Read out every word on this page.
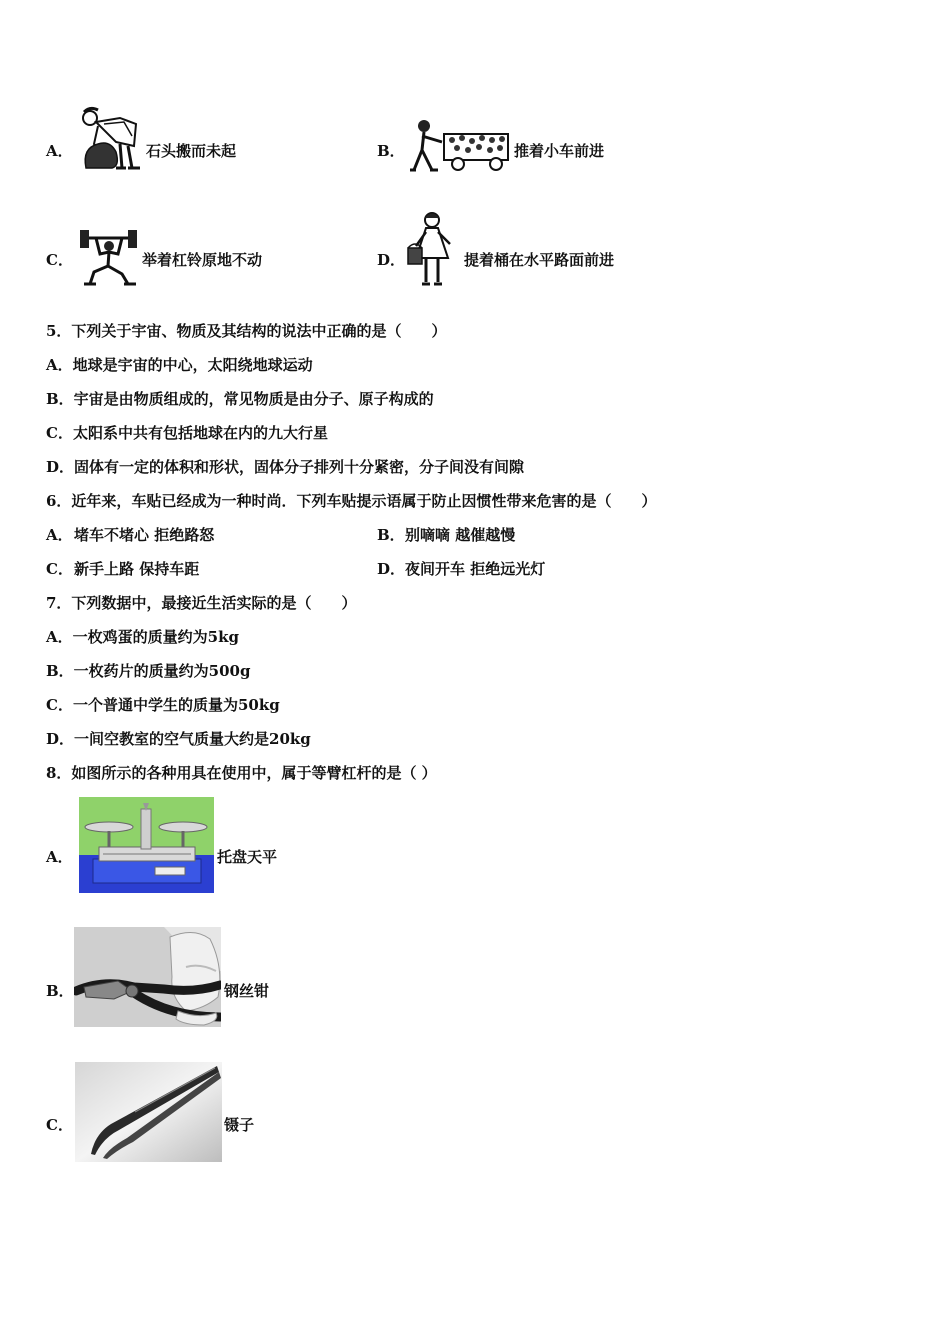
A．	石头搬而未起	B．	推着小车前进
C．	举着杠铃原地不动	D．	提着桶在水平路面前进
5．下列关于宇宙、物质及其结构的说法中正确的是（　　）
A．地球是宇宙的中心，太阳绕地球运动
B．宇宙是由物质组成的，常见物质是由分子、原子构成的
C．太阳系中共有包括地球在内的九大行星
D．固体有一定的体积和形状，固体分子排列十分紧密，分子间没有间隙
6．近年来，车贴已经成为一种时尚．下列车贴提示语属于防止因惯性带来危害的是（　　）
A． 堵车不堵心 拒绝路怒	B． 别嘀嘀 越催越慢
C． 新手上路 保持车距	D． 夜间开车 拒绝远光灯
7．下列数据中，最接近生活实际的是（　　）
A．一枚鸡蛋的质量约为5kg
B．一枚药片的质量约为500g
C．一个普通中学生的质量为50kg
D．一间空教室的空气质量大约是20kg
8．如图所示的各种用具在使用中，属于等臂杠杆的是（ ）
A．	托盘天平
B．	钢丝钳
C．	镊子
